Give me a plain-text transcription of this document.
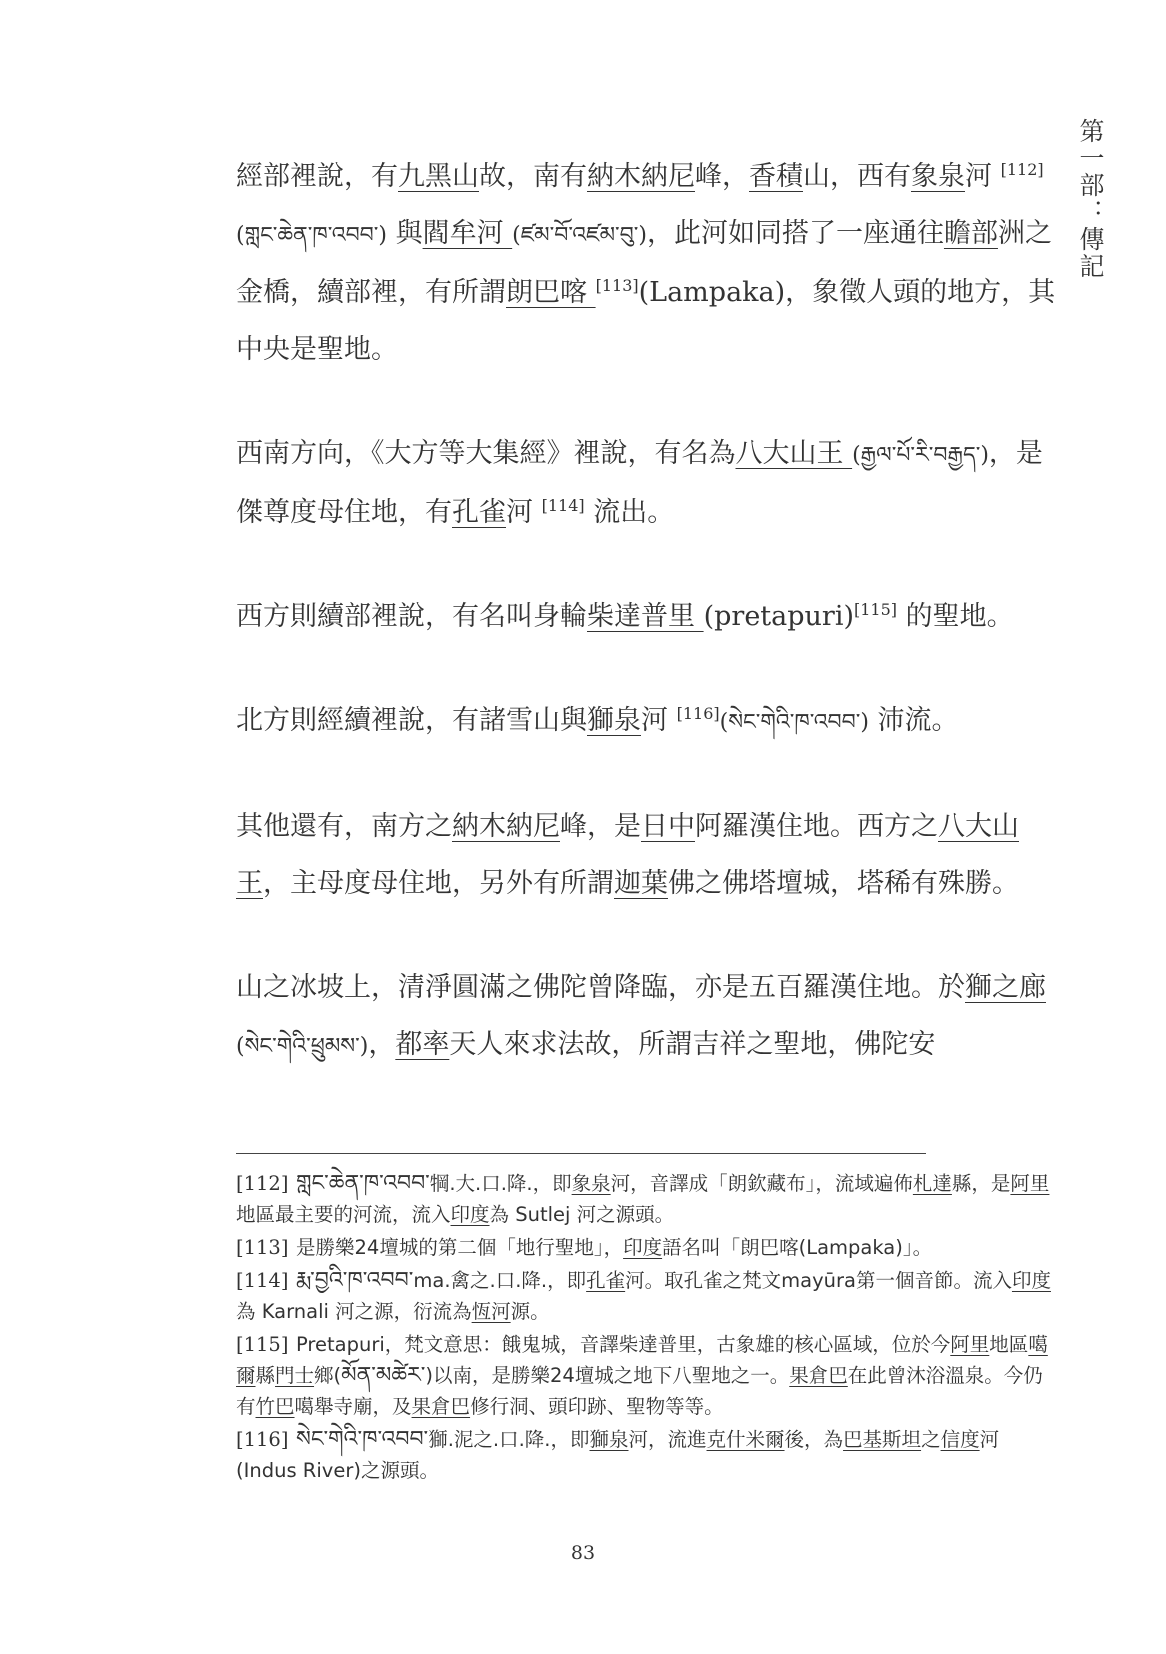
第一部：傳記

經部裡說，有九黑山故，南有納木納尼峰，香積山，西有象泉河 [112](གླང་ཆེན་ཁ་འབབ་) 與閻牟河 (ཛམ་བོ་འཛམ་བུ་)，此河如同搭了一座通往瞻部洲之金橋，續部裡，有所謂朗巴喀 [113](Lampaka)，象徵人頭的地方，其中央是聖地。

西南方向，《大方等大集經》裡說，有名為八大山王 (རྒྱལ་པོ་རི་བརྒྱད་)，是傑尊度母住地，有孔雀河 [114] 流出。

西方則續部裡說，有名叫身輪柴達普里 (pretapuri)[115] 的聖地。

北方則經續裡說，有諸雪山與獅泉河 [116](སེང་གེའི་ཁ་འབབ་) 沛流。

其他還有，南方之納木納尼峰，是日中阿羅漢住地。西方之八大山王，主母度母住地，另外有所謂迦葉佛之佛塔壇城，塔稀有殊勝。

山之冰坡上，清淨圓滿之佛陀曾降臨，亦是五百羅漢住地。於獅之廊 (སེང་གེའི་ཕྲུམས་)，都率天人來求法故，所謂吉祥之聖地，佛陀安

[112] གླང་ཆེན་ཁ་འབབ་犅.大.口.降.，即象泉河，音譯成「朗欽藏布」，流域遍佈札達縣，是阿里地區最主要的河流，流入印度為 Sutlej 河之源頭。

[113] 是勝樂24壇城的第二個「地行聖地」，印度語名叫「朗巴喀(Lampaka)」。

[114] རྨ་བྱའི་ཁ་འབབ་ma.禽之.口.降.，即孔雀河。取孔雀之梵文mayūra第一個音節。流入印度為 Karnali 河之源，衍流為恆河源。

[115] Pretapuri，梵文意思：餓鬼城，音譯柴達普里，古象雄的核心區域，位於今阿里地區噶爾縣門士鄉(མོན་མཚེར་)以南，是勝樂24壇城之地下八聖地之一。果倉巴在此曾沐浴溫泉。今仍有竹巴噶舉寺廟，及果倉巴修行洞、頭印跡、聖物等等。

[116] སེང་གེའི་ཁ་འབབ་獅.泥之.口.降.，即獅泉河，流進克什米爾後，為巴基斯坦之信度河(Indus River)之源頭。

83
